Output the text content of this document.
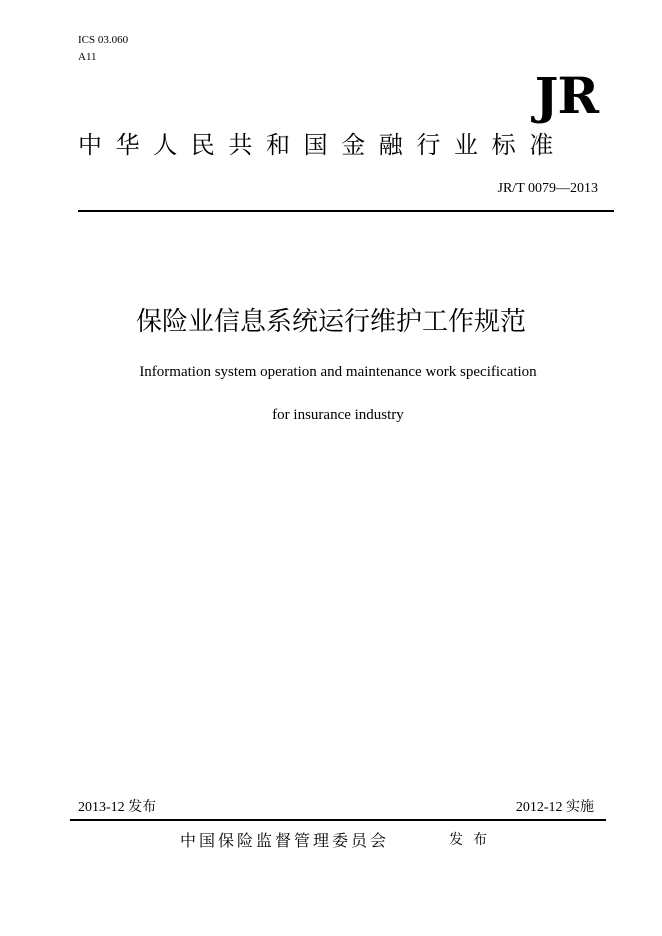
ICS 03.060
A11
JR
中华人民共和国金融行业标准
JR/T 0079—2013
保险业信息系统运行维护工作规范
Information system operation and maintenance work specification
for insurance industry
2013-12 发布	2012-12 实施
中国保险监督管理委员会	发布
